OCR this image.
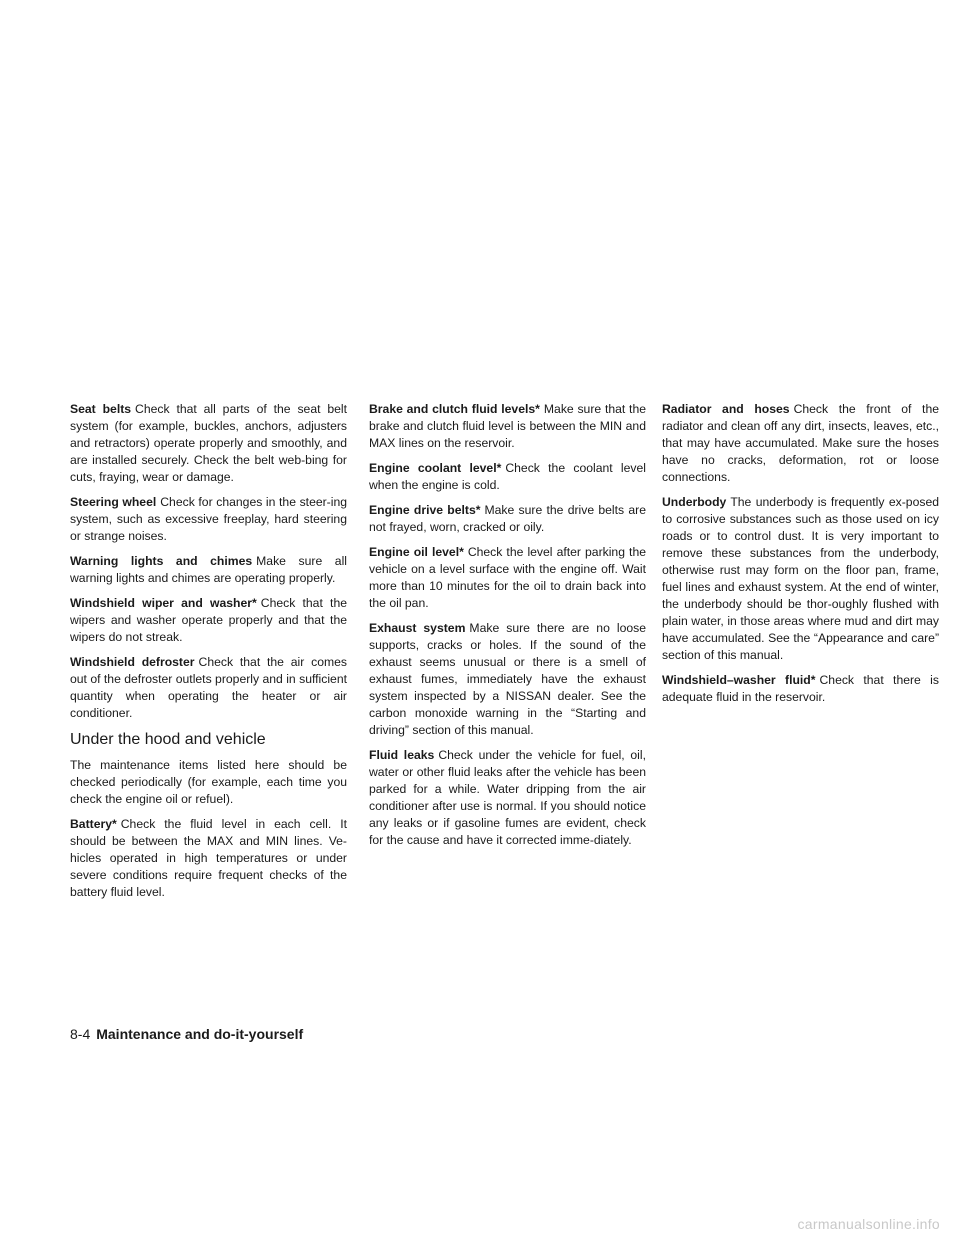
Seat belts Check that all parts of the seat belt system (for example, buckles, anchors, adjusters and retractors) operate properly and smoothly, and are installed securely. Check the belt web-bing for cuts, fraying, wear or damage.

Steering wheel Check for changes in the steer-ing system, such as excessive freeplay, hard steering or strange noises.

Warning lights and chimes Make sure all warning lights and chimes are operating properly.

Windshield wiper and washer* Check that the wipers and washer operate properly and that the wipers do not streak.

Windshield defroster Check that the air comes out of the defroster outlets properly and in sufficient quantity when operating the heater or air conditioner.

Under the hood and vehicle

The maintenance items listed here should be checked periodically (for example, each time you check the engine oil or refuel).

Battery* Check the fluid level in each cell. It should be between the MAX and MIN lines. Ve-hicles operated in high temperatures or under severe conditions require frequent checks of the battery fluid level.

Brake and clutch fluid levels* Make sure that the brake and clutch fluid level is between the MIN and MAX lines on the reservoir.

Engine coolant level* Check the coolant level when the engine is cold.

Engine drive belts* Make sure the drive belts are not frayed, worn, cracked or oily.

Engine oil level* Check the level after parking the vehicle on a level surface with the engine off. Wait more than 10 minutes for the oil to drain back into the oil pan.

Exhaust system Make sure there are no loose supports, cracks or holes. If the sound of the exhaust seems unusual or there is a smell of exhaust fumes, immediately have the exhaust system inspected by a NISSAN dealer. See the carbon monoxide warning in the “Starting and driving” section of this manual.

Fluid leaks Check under the vehicle for fuel, oil, water or other fluid leaks after the vehicle has been parked for a while. Water dripping from the air conditioner after use is normal. If you should notice any leaks or if gasoline fumes are evident, check for the cause and have it corrected imme-diately.

Radiator and hoses Check the front of the radiator and clean off any dirt, insects, leaves, etc., that may have accumulated. Make sure the hoses have no cracks, deformation, rot or loose connections.

Underbody The underbody is frequently ex-posed to corrosive substances such as those used on icy roads or to control dust. It is very important to remove these substances from the underbody, otherwise rust may form on the floor pan, frame, fuel lines and exhaust system. At the end of winter, the underbody should be thor-oughly flushed with plain water, in those areas where mud and dirt may have accumulated. See the “Appearance and care” section of this manual.

Windshield–washer fluid* Check that there is adequate fluid in the reservoir.

8-4 Maintenance and do-it-yourself
carmanualsonline.info
